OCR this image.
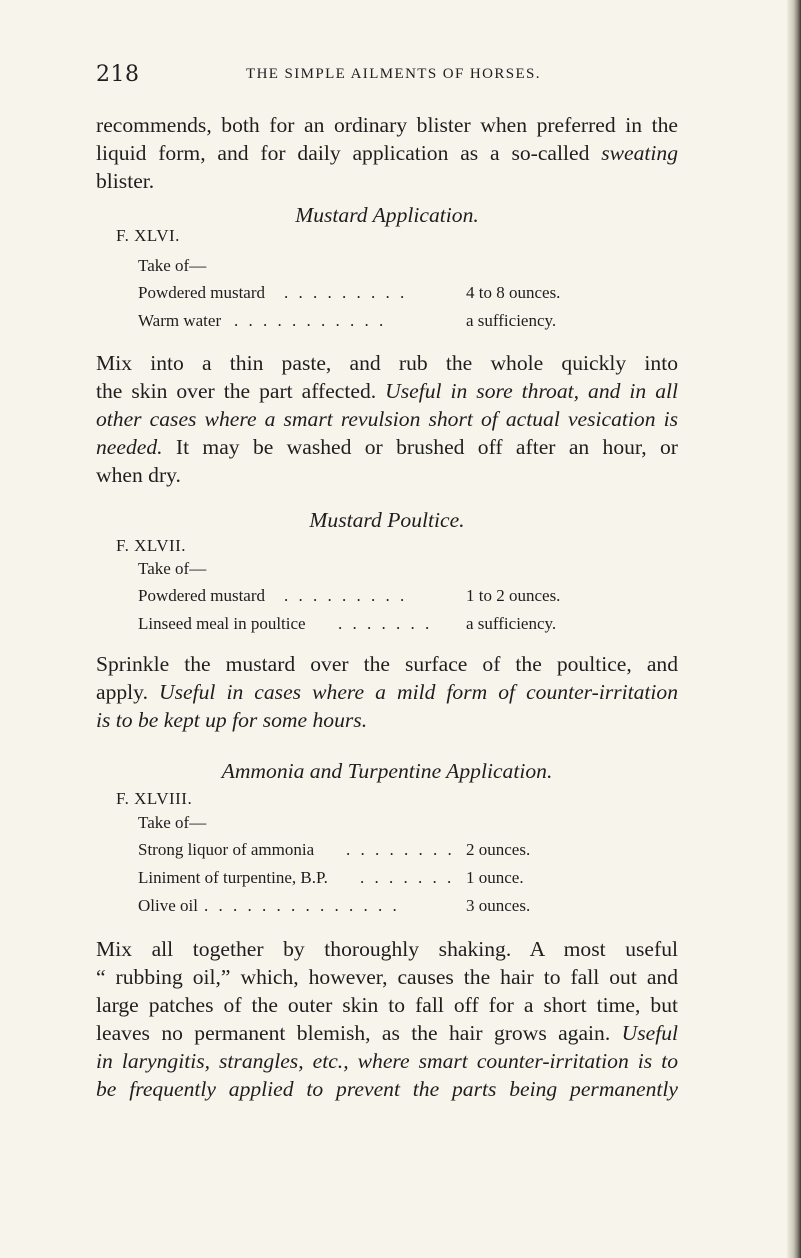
218	THE SIMPLE AILMENTS OF HORSES.
recommends, both for an ordinary blister when preferred in the
liquid form, and for daily application as a so-called sweating
blister.
Mustard Application.
F. XLVI.
Take of—
Powdered mustard . . . . . . . . .	4 to 8 ounces.
Warm water . . . . . . . . . . .	a sufficiency.
Mix into a thin paste, and rub the whole quickly into
the skin over the part affected. Useful in sore throat, and in all
other cases where a smart revulsion short of actual vesication is
needed. It may be washed or brushed off after an hour, or
when dry.
Mustard Poultice.
F. XLVII.
Take of—
Powdered mustard . . . . . . . . .	1 to 2 ounces.
Linseed meal in poultice . . . . . . . a sufficiency.
Sprinkle the mustard over the surface of the poultice, and
apply. Useful in cases where a mild form of counter-irritation
is to be kept up for some hours.
Ammonia and Turpentine Application.
F. XLVIII.
Take of—
Strong liquor of ammonia . . . . . . . . 2 ounces.
Liniment of turpentine, B.P. . . . . . . . 1 ounce.
Olive oil . . . . . . . . . . . . . .	3 ounces.
Mix all together by thoroughly shaking. A most useful
“ rubbing oil,” which, however, causes the hair to fall out and
large patches of the outer skin to fall off for a short time, but
leaves no permanent blemish, as the hair grows again. Useful
in laryngitis, strangles, etc., where smart counter-irritation is to
be frequently applied to prevent the parts being permanently
